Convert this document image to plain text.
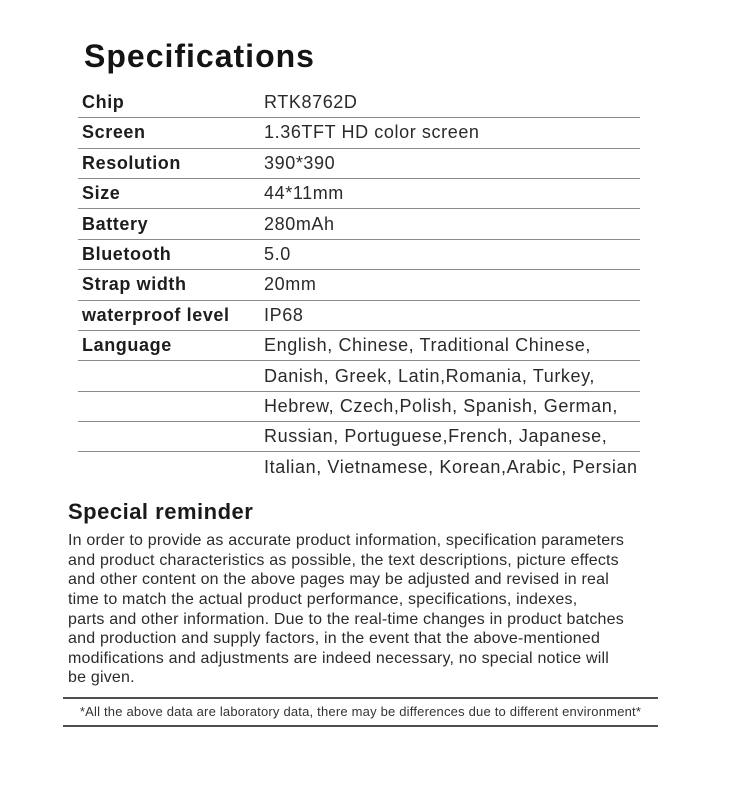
Specifications
Chip	RTK8762D
Screen	1.36TFT HD color screen
Resolution	390*390
Size	44*11mm
Battery	280mAh
Bluetooth	5.0
Strap width	20mm
waterproof level	IP68
Language	English, Chinese, Traditional Chinese,
Danish, Greek, Latin,Romania, Turkey,
Hebrew, Czech,Polish, Spanish, German,
Russian, Portuguese,French, Japanese,
Italian, Vietnamese, Korean,Arabic, Persian
Special reminder
In order to provide as accurate product information, specification parameters
and product characteristics as possible, the text descriptions, picture effects
and other content on the above pages may be adjusted and revised in real
time to match the actual product performance, specifications, indexes,
parts and other information. Due to the real-time changes in product batches
and production and supply factors, in the event that the above-mentioned
modifications and adjustments are indeed necessary, no special notice will
be given.
*All the above data are laboratory data, there may be differences due to different environment*
